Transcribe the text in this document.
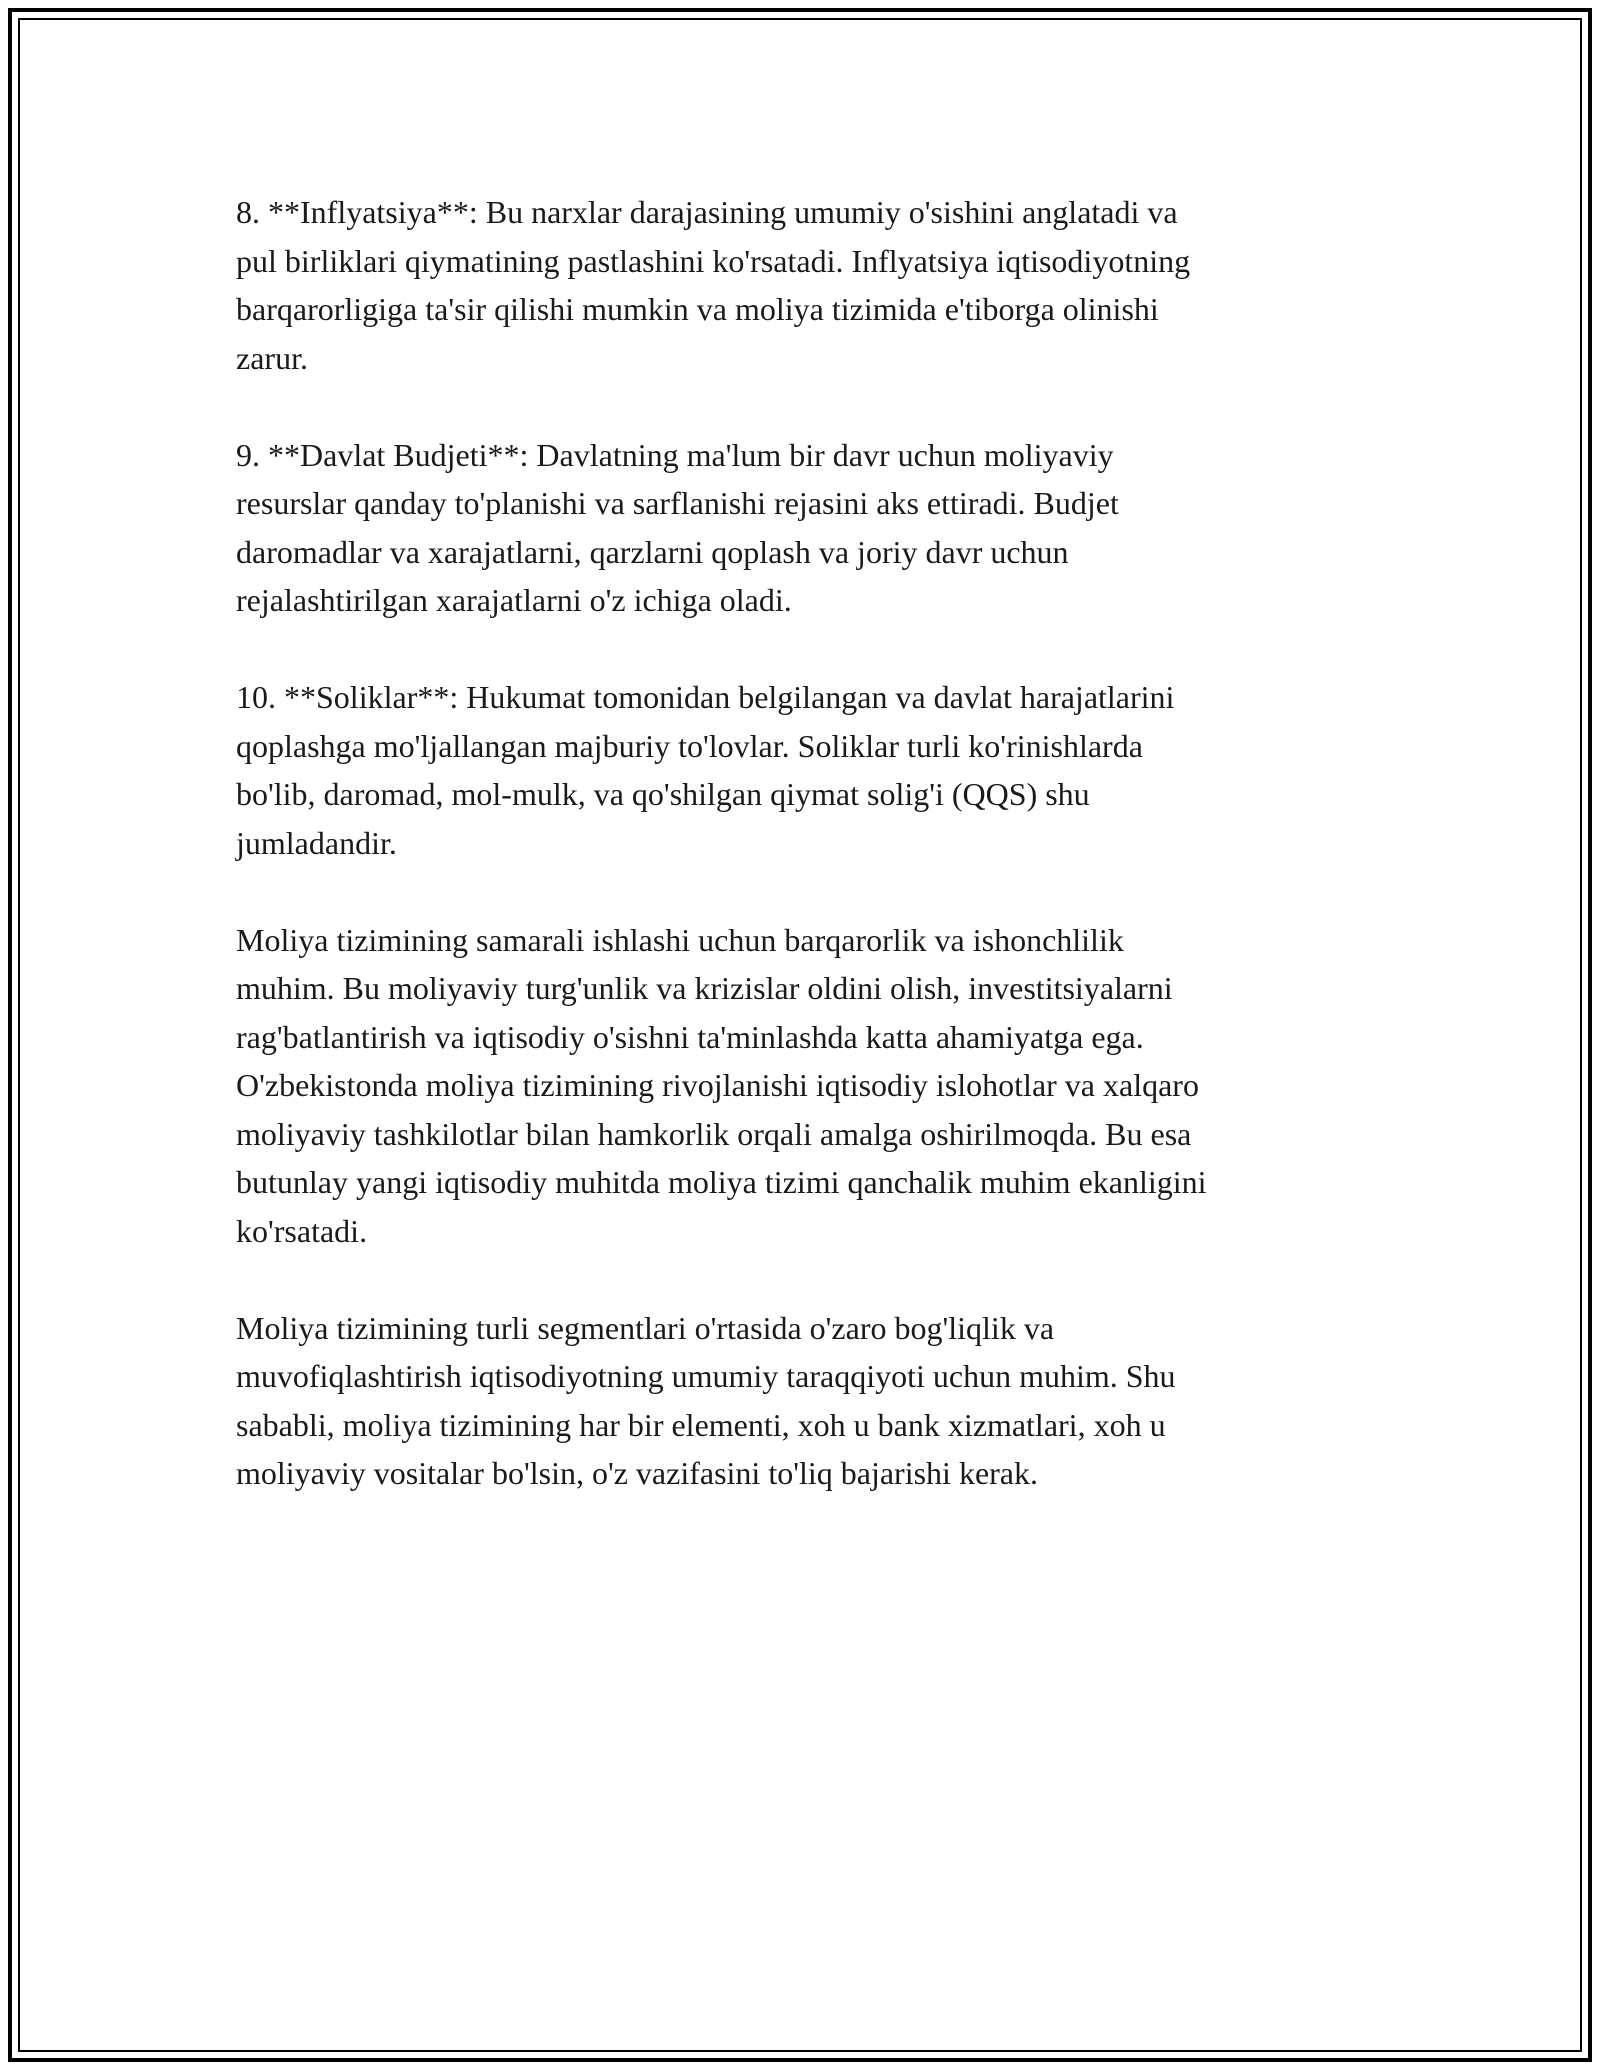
8. **Inflyatsiya**: Bu narxlar darajasining umumiy o'sishini anglatadi va
pul birliklari qiymatining pastlashini ko'rsatadi. Inflyatsiya iqtisodiyotning
barqarorligiga ta'sir qilishi mumkin va moliya tizimida e'tiborga olinishi
zarur.

9. **Davlat Budjeti**: Davlatning ma'lum bir davr uchun moliyaviy
resurslar qanday to'planishi va sarflanishi rejasini aks ettiradi. Budjet
daromadlar va xarajatlarni, qarzlarni qoplash va joriy davr uchun
rejalashtirilgan xarajatlarni o'z ichiga oladi.

10. **Soliklar**: Hukumat tomonidan belgilangan va davlat harajatlarini
qoplashga mo'ljallangan majburiy to'lovlar. Soliklar turli ko'rinishlarda
bo'lib, daromad, mol-mulk, va qo'shilgan qiymat solig'i (QQS) shu
jumladandir.

Moliya tizimining samarali ishlashi uchun barqarorlik va ishonchlilik
muhim. Bu moliyaviy turg'unlik va krizislar oldini olish, investitsiyalarni
rag'batlantirish va iqtisodiy o'sishni ta'minlashda katta ahamiyatga ega.
O'zbekistonda moliya tizimining rivojlanishi iqtisodiy islohotlar va xalqaro
moliyaviy tashkilotlar bilan hamkorlik orqali amalga oshirilmoqda. Bu esa
butunlay yangi iqtisodiy muhitda moliya tizimi qanchalik muhim ekanligini
ko'rsatadi.

Moliya tizimining turli segmentlari o'rtasida o'zaro bog'liqlik va
muvofiqlashtirish iqtisodiyotning umumiy taraqqiyoti uchun muhim. Shu
sababli, moliya tizimining har bir elementi, xoh u bank xizmatlari, xoh u
moliyaviy vositalar bo'lsin, o'z vazifasini to'liq bajarishi kerak.
